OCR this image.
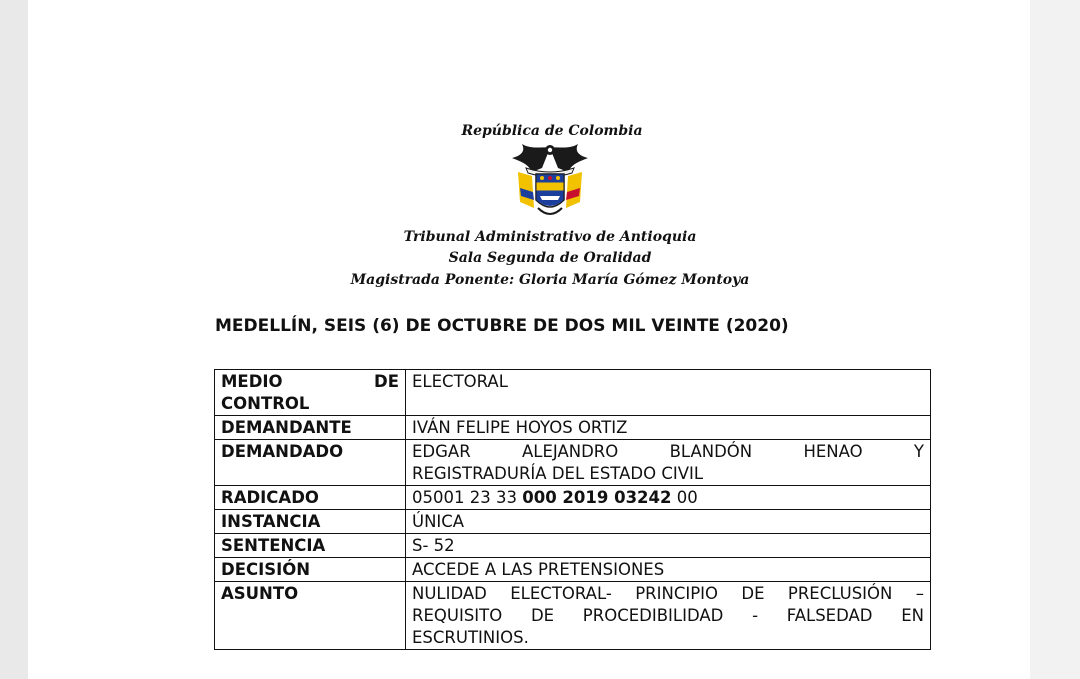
República de Colombia
Tribunal Administrativo de Antioquia
Sala Segunda de Oralidad
Magistrada Ponente: Gloria María Gómez Montoya
MEDELLÍN, SEIS (6) DE OCTUBRE DE DOS MIL VEINTE (2020)
MEDIO DE
CONTROL	ELECTORAL
DEMANDANTE	IVÁN FELIPE HOYOS ORTIZ
DEMANDADO	EDGAR ALEJANDRO BLANDÓN HENAO Y
REGISTRADURÍA DEL ESTADO CIVIL
RADICADO	05001 23 33 000 2019 03242 00
INSTANCIA	ÚNICA
SENTENCIA	S- 52
DECISIÓN	ACCEDE A LAS PRETENSIONES
ASUNTO	NULIDAD ELECTORAL- PRINCIPIO DE PRECLUSIÓN –
REQUISITO DE PROCEDIBILIDAD - FALSEDAD EN
ESCRUTINIOS.
